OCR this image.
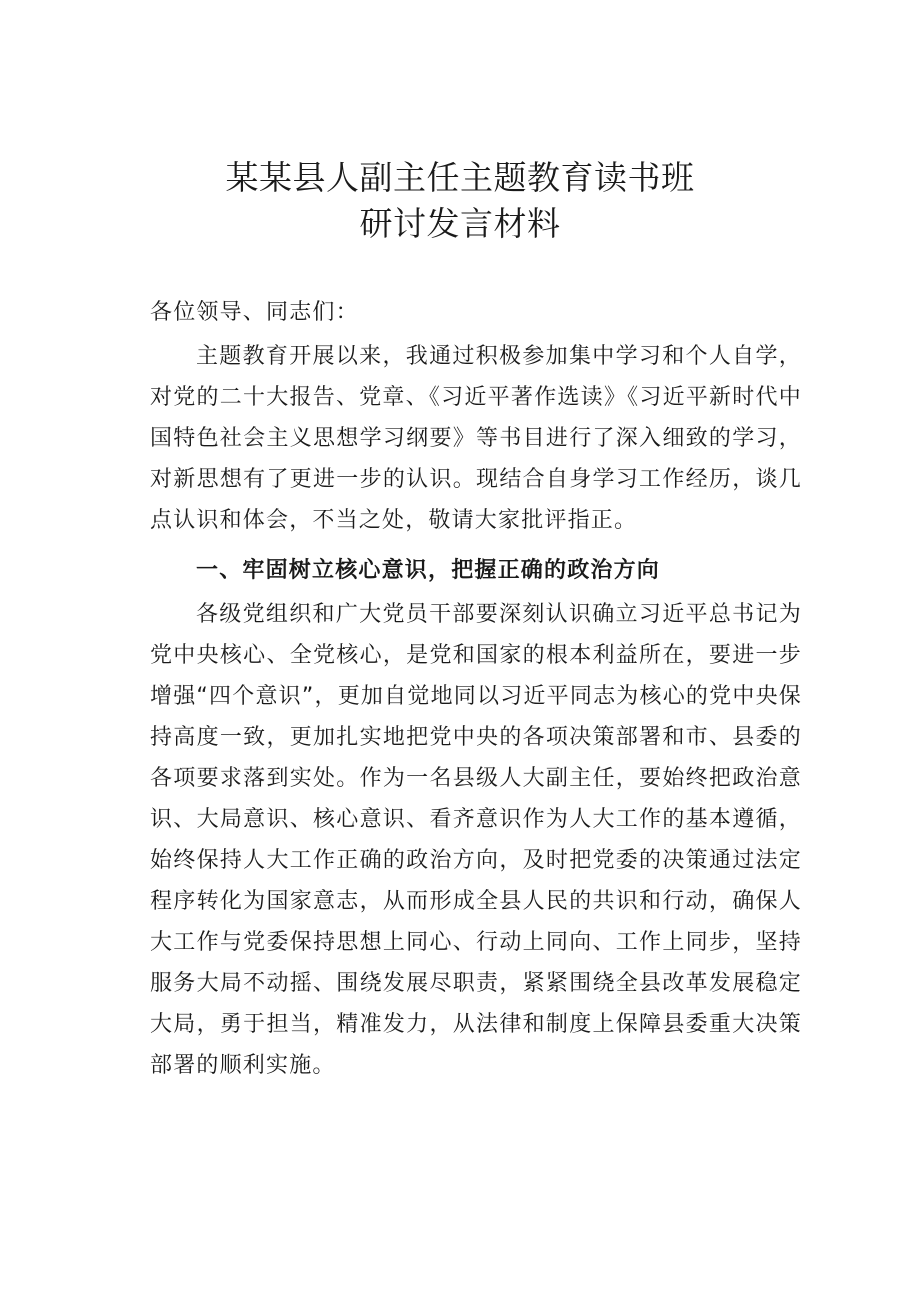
某某县人副主任主题教育读书班
研讨发言材料

各位领导、同志们：

主题教育开展以来，我通过积极参加集中学习和个人自学，对党的二十大报告、党章、《习近平著作选读》《习近平新时代中国特色社会主义思想学习纲要》等书目进行了深入细致的学习，对新思想有了更进一步的认识。现结合自身学习工作经历，谈几点认识和体会，不当之处，敬请大家批评指正。

一、牢固树立核心意识，把握正确的政治方向

各级党组织和广大党员干部要深刻认识确立习近平总书记为党中央核心、全党核心，是党和国家的根本利益所在，要进一步增强“四个意识”，更加自觉地同以习近平同志为核心的党中央保持高度一致，更加扎实地把党中央的各项决策部署和市、县委的各项要求落到实处。作为一名县级人大副主任，要始终把政治意识、大局意识、核心意识、看齐意识作为人大工作的基本遵循，始终保持人大工作正确的政治方向，及时把党委的决策通过法定程序转化为国家意志，从而形成全县人民的共识和行动，确保人大工作与党委保持思想上同心、行动上同向、工作上同步，坚持服务大局不动摇、围绕发展尽职责，紧紧围绕全县改革发展稳定大局，勇于担当，精准发力，从法律和制度上保障县委重大决策部署的顺利实施。
